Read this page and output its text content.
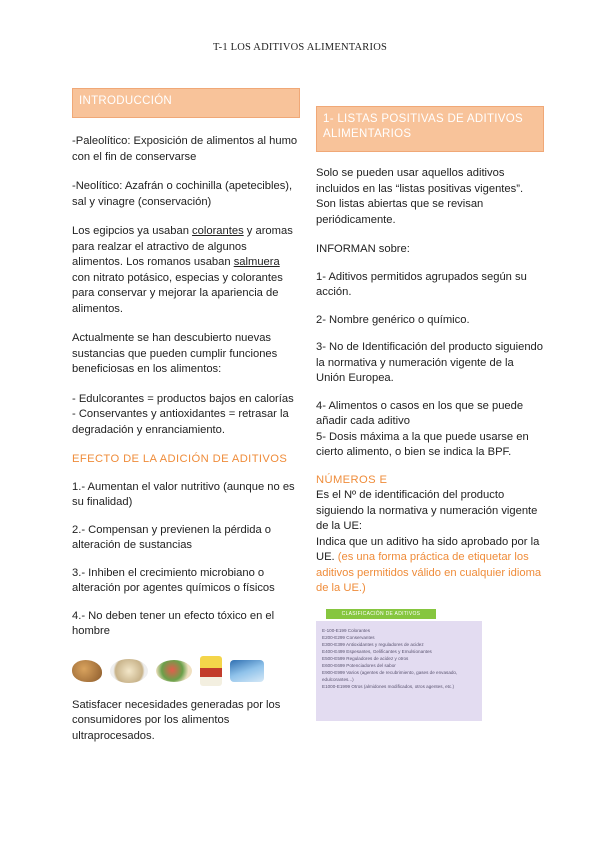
T-1 LOS ADITIVOS ALIMENTARIOS
INTRODUCCIÓN

-Paleolítico: Exposición de alimentos al humo con el fin de conservarse

-Neolítico: Azafrán o cochinilla (apetecibles), sal y vinagre (conservación)

Los egipcios ya usaban colorantes y aromas para realzar el atractivo de algunos alimentos. Los romanos usaban salmuera con nitrato potásico, especias y colorantes para conservar y mejorar la apariencia de alimentos.

Actualmente se han descubierto nuevas sustancias que pueden cumplir funciones beneficiosas en los alimentos:

- Edulcorantes = productos bajos en calorías

- Conservantes y antioxidantes = retrasar la degradación y enranciamiento.

EFECTO DE LA ADICIÓN DE ADITIVOS

1.- Aumentan el valor nutritivo (aunque no es su finalidad)

2.- Compensan y previenen la pérdida o alteración de sustancias

3.- Inhiben el crecimiento microbiano o alteración por agentes químicos o físicos

4.- No deben tener un efecto tóxico en el hombre

Satisfacer necesidades generadas por los consumidores por los alimentos ultraprocesados.

1- LISTAS POSITIVAS DE ADITIVOS ALIMENTARIOS

Solo se pueden usar aquellos aditivos incluidos en las “listas positivas vigentes”. Son listas abiertas que se revisan periódicamente.

INFORMAN sobre:

1- Aditivos permitidos agrupados según su acción.

2- Nombre genérico o químico.

3- No de Identificación del producto siguiendo la normativa y numeración vigente de la Unión Europea.

4- Alimentos o casos en los que se puede añadir cada aditivo

5- Dosis máxima a la que puede usarse en cierto alimento, o bien se indica la BPF.

NÚMEROS E

Es el Nº de identificación del producto siguiendo la normativa y numeración vigente de la UE:

Indica que un aditivo ha sido aprobado por la UE. (es una forma práctica de etiquetar los aditivos permitidos válido en cualquier idioma de la UE.)

CLASIFICACIÓN DE ADITIVOS
E-100-E199 Colorantes
E200-E299 Conservantes
E300-E399 Antioxidantes y reguladores de acidez
E400-E499 Espesantes, Gelificantes y Emulsionantes
E500-E599 Reguladores de acidez y otros
E600-E699 Potenciadores del sabor
E900-E999 Varios (agentes de recubrimiento, gases de envasado,
edulcorantes...)
E1000-E1999 Otros (almidones modificados, otros agentes, etc.)
